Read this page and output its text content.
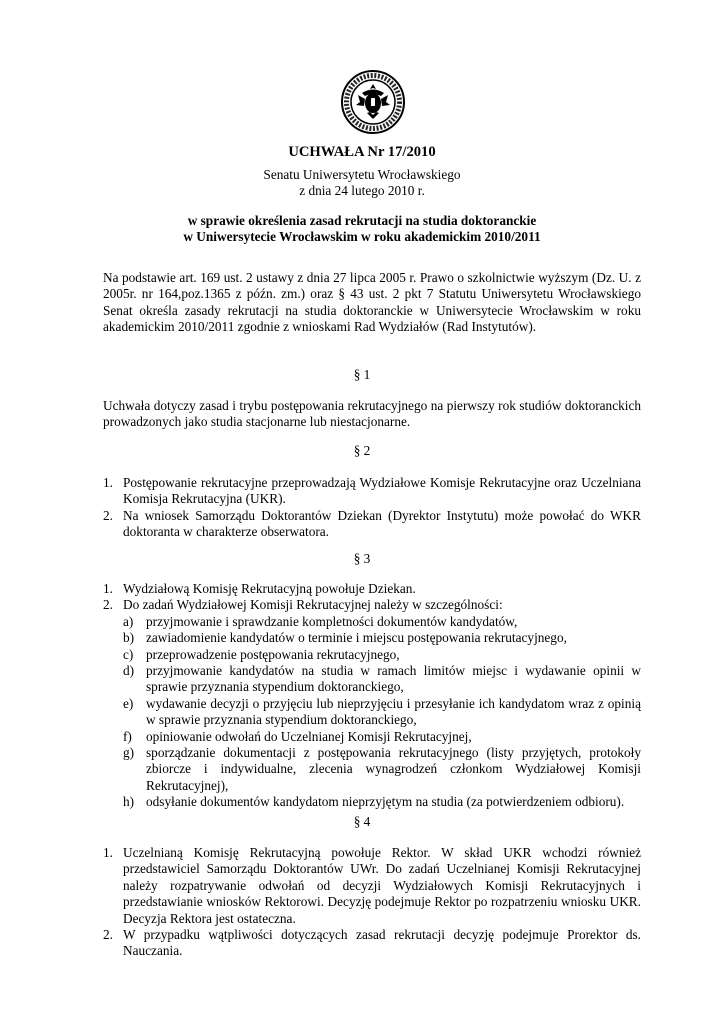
UCHWAŁA Nr 17/2010
Senatu Uniwersytetu Wrocławskiego
z dnia 24 lutego 2010 r.
w sprawie określenia zasad rekrutacji na studia doktoranckie
w Uniwersytecie Wrocławskim w roku akademickim 2010/2011
Na podstawie art. 169 ust. 2 ustawy z dnia 27 lipca 2005 r. Prawo o szkolnictwie wyższym (Dz. U. z 2005r. nr 164,poz.1365 z późn. zm.) oraz § 43 ust. 2 pkt 7 Statutu Uniwersytetu Wrocławskiego Senat określa zasady rekrutacji na studia doktoranckie w Uniwersytecie Wrocławskim w roku akademickim 2010/2011 zgodnie z wnioskami Rad Wydziałów (Rad Instytutów).
§ 1
Uchwała dotyczy zasad i trybu postępowania rekrutacyjnego na pierwszy rok studiów doktoranckich prowadzonych jako studia stacjonarne lub niestacjonarne.
§ 2
1. Postępowanie rekrutacyjne przeprowadzają Wydziałowe Komisje Rekrutacyjne oraz Uczelniana Komisja Rekrutacyjna (UKR).
2. Na wniosek Samorządu Doktorantów Dziekan (Dyrektor Instytutu) może powołać do WKR doktoranta w charakterze obserwatora.
§ 3
1. Wydziałową Komisję Rekrutacyjną powołuje Dziekan.
2. Do zadań Wydziałowej Komisji Rekrutacyjnej należy w szczególności:
a) przyjmowanie i sprawdzanie kompletności dokumentów kandydatów,
b) zawiadomienie kandydatów o terminie i miejscu postępowania rekrutacyjnego,
c) przeprowadzenie postępowania rekrutacyjnego,
d) przyjmowanie kandydatów na studia w ramach limitów miejsc i wydawanie opinii w sprawie przyznania stypendium doktoranckiego,
e) wydawanie decyzji o przyjęciu lub nieprzyjęciu i przesyłanie ich kandydatom wraz z opinią w sprawie przyznania stypendium doktoranckiego,
f) opiniowanie odwołań do Uczelnianej Komisji Rekrutacyjnej,
g) sporządzanie dokumentacji z postępowania rekrutacyjnego (listy przyjętych, protokoły zbiorcze i indywidualne, zlecenia wynagrodzeń członkom Wydziałowej Komisji Rekrutacyjnej),
h) odsyłanie dokumentów kandydatom nieprzyjętym na studia (za potwierdzeniem odbioru).
§ 4
1. Uczelnianą Komisję Rekrutacyjną powołuje Rektor. W skład UKR wchodzi również przedstawiciel Samorządu Doktorantów UWr. Do zadań Uczelnianej Komisji Rekrutacyjnej należy rozpatrywanie odwołań od decyzji Wydziałowych Komisji Rekrutacyjnych i przedstawianie wniosków Rektorowi. Decyzję podejmuje Rektor po rozpatrzeniu wniosku UKR. Decyzja Rektora jest ostateczna.
2. W przypadku wątpliwości dotyczących zasad rekrutacji decyzję podejmuje Prorektor ds. Nauczania.
